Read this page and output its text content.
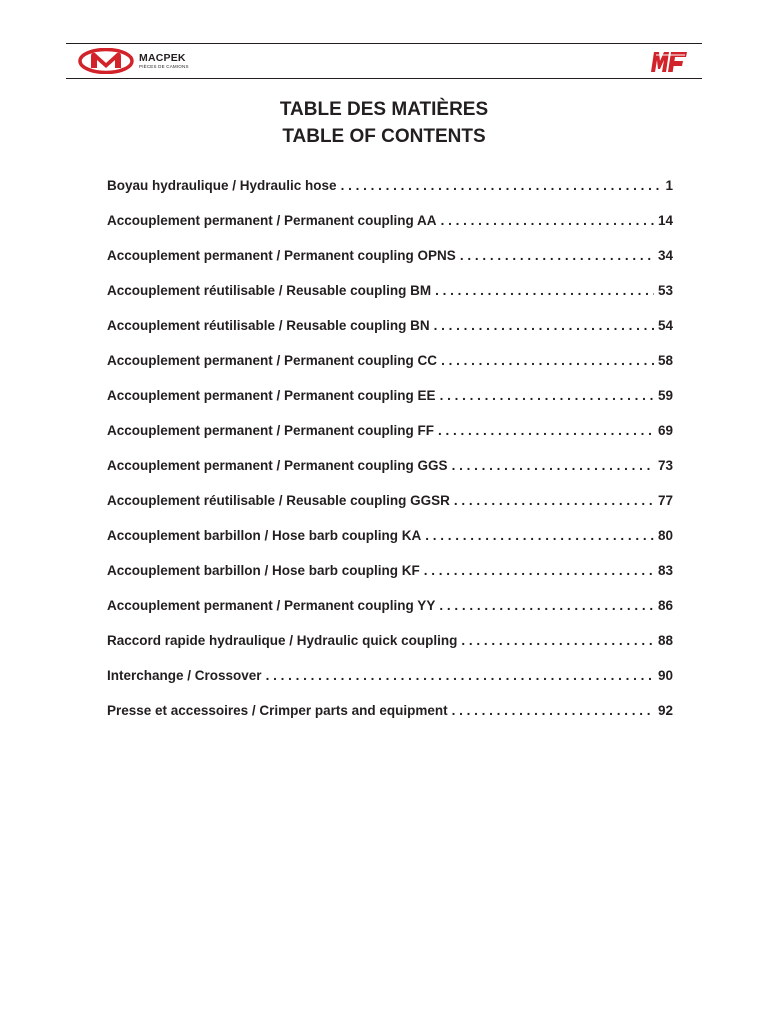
MACPEK
PIÈCES DE CAMIONS
TABLE DES MATIÈRES
TABLE OF CONTENTS
Boyau hydraulique / Hydraulic hose . . .	1
Accouplement permanent / Permanent coupling AA . . .	14
Accouplement permanent / Permanent coupling OPNS . . .	34
Accouplement réutilisable / Reusable coupling BM . . .	53
Accouplement réutilisable / Reusable coupling BN . . .	54
Accouplement permanent / Permanent coupling CC . . .	58
Accouplement permanent / Permanent coupling EE . . .	59
Accouplement permanent / Permanent coupling FF . . .	69
Accouplement permanent / Permanent coupling GGS . . .	73
Accouplement réutilisable / Reusable coupling GGSR . . .	77
Accouplement barbillon / Hose barb coupling KA . . .	80
Accouplement barbillon / Hose barb coupling KF . . .	83
Accouplement permanent / Permanent coupling YY . . .	86
Raccord rapide hydraulique / Hydraulic quick coupling . . .	88
Interchange / Crossover . . .	90
Presse et accessoires / Crimper parts and equipment . . .	92
